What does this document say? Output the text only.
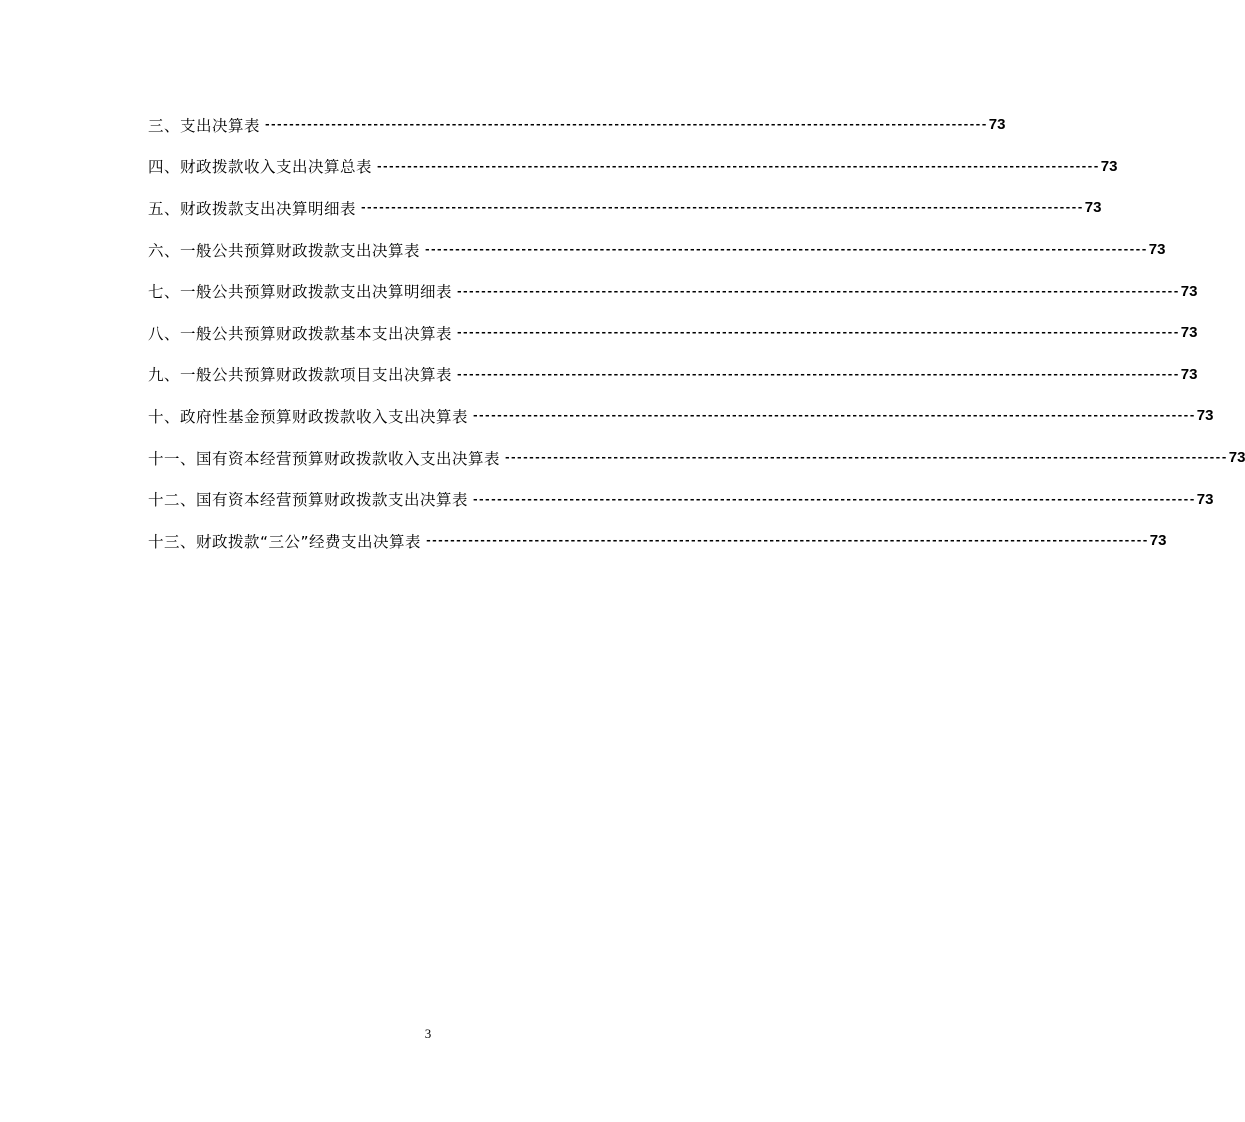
三、支出决算表 ------------------------------------------------------------------------------------------------------------------------ 73
四、财政拨款收入支出决算总表 ------------------------------------------------------------------------------------------------------------------------ 73
五、财政拨款支出决算明细表 ------------------------------------------------------------------------------------------------------------------------ 73
六、一般公共预算财政拨款支出决算表 ------------------------------------------------------------------------------------------------------------------------ 73
七、一般公共预算财政拨款支出决算明细表 ------------------------------------------------------------------------------------------------------------------------ 73
八、一般公共预算财政拨款基本支出决算表 ------------------------------------------------------------------------------------------------------------------------ 73
九、一般公共预算财政拨款项目支出决算表 ------------------------------------------------------------------------------------------------------------------------ 73
十、政府性基金预算财政拨款收入支出决算表 ------------------------------------------------------------------------------------------------------------------------ 73
十一、国有资本经营预算财政拨款收入支出决算表 ------------------------------------------------------------------------------------------------------------------------ 73
十二、国有资本经营预算财政拨款支出决算表 ------------------------------------------------------------------------------------------------------------------------ 73
十三、财政拨款“三公”经费支出决算表 ------------------------------------------------------------------------------------------------------------------------ 73
3
